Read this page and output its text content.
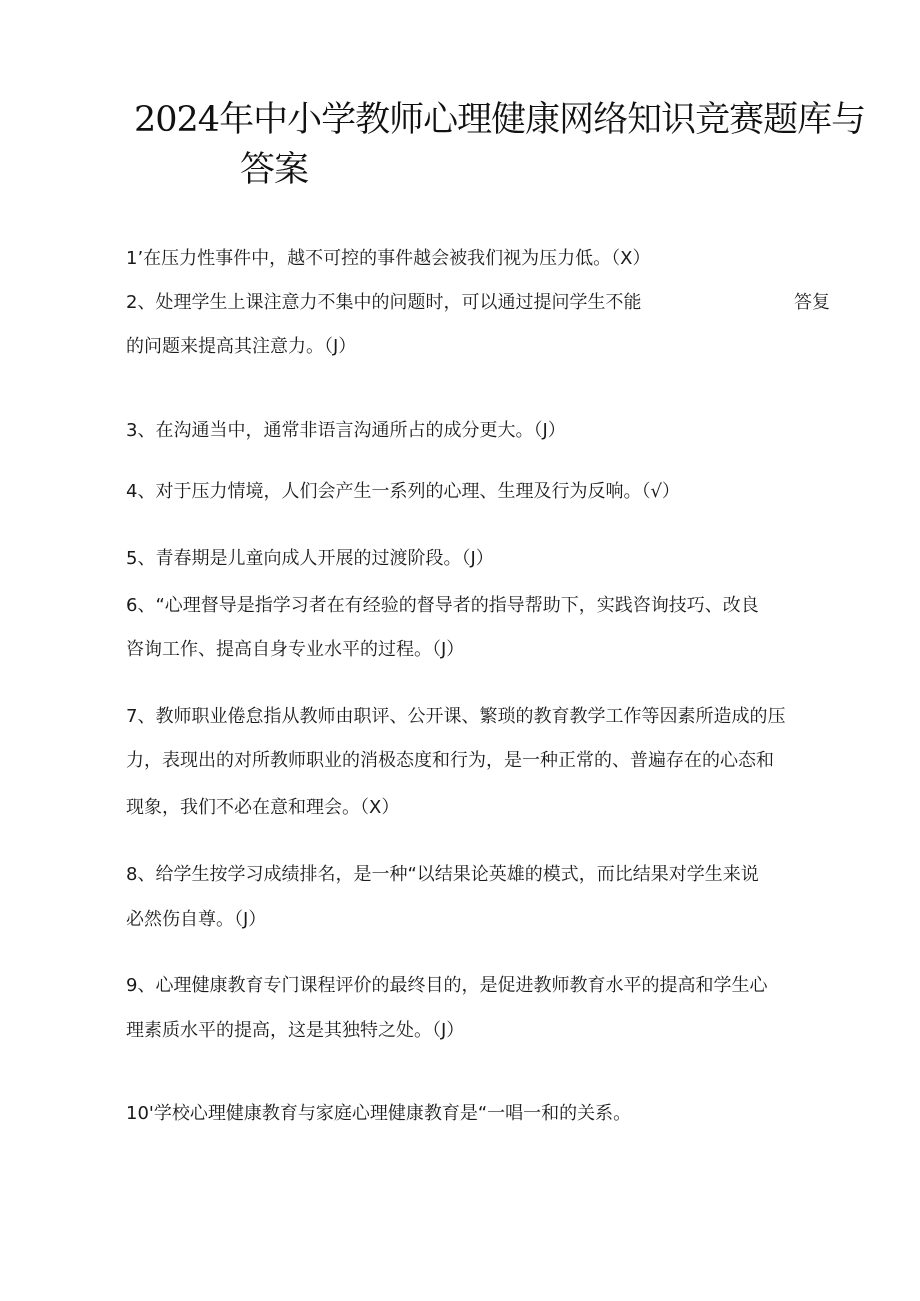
2024年中小学教师心理健康网络知识竞赛题库与
答案
1’在压力性事件中，越不可控的事件越会被我们视为压力低。（X）
2、处理学生上课注意力不集中的问题时，可以通过提问学生不能	答复
的问题来提高其注意力。（J）
3、在沟通当中，通常非语言沟通所占的成分更大。（J）
4、对于压力情境，人们会产生一系列的心理、生理及行为反响。（√）
5、青春期是儿童向成人开展的过渡阶段。（J）
6、“心理督导是指学习者在有经验的督导者的指导帮助下，实践咨询技巧、改良
咨询工作、提高自身专业水平的过程。（J）
7、教师职业倦怠指从教师由职评、公开课、繁琐的教育教学工作等因素所造成的压
力，表现出的对所教师职业的消极态度和行为，是一种正常的、普遍存在的心态和
现象，我们不必在意和理会。（X）
8、给学生按学习成绩排名，是一种“以结果论英雄的模式，而比结果对学生来说
必然伤自尊。（J）
9、心理健康教育专门课程评价的最终目的，是促进教师教育水平的提高和学生心
理素质水平的提高，这是其独特之处。（J）
10'学校心理健康教育与家庭心理健康教育是“一唱一和的关系。
